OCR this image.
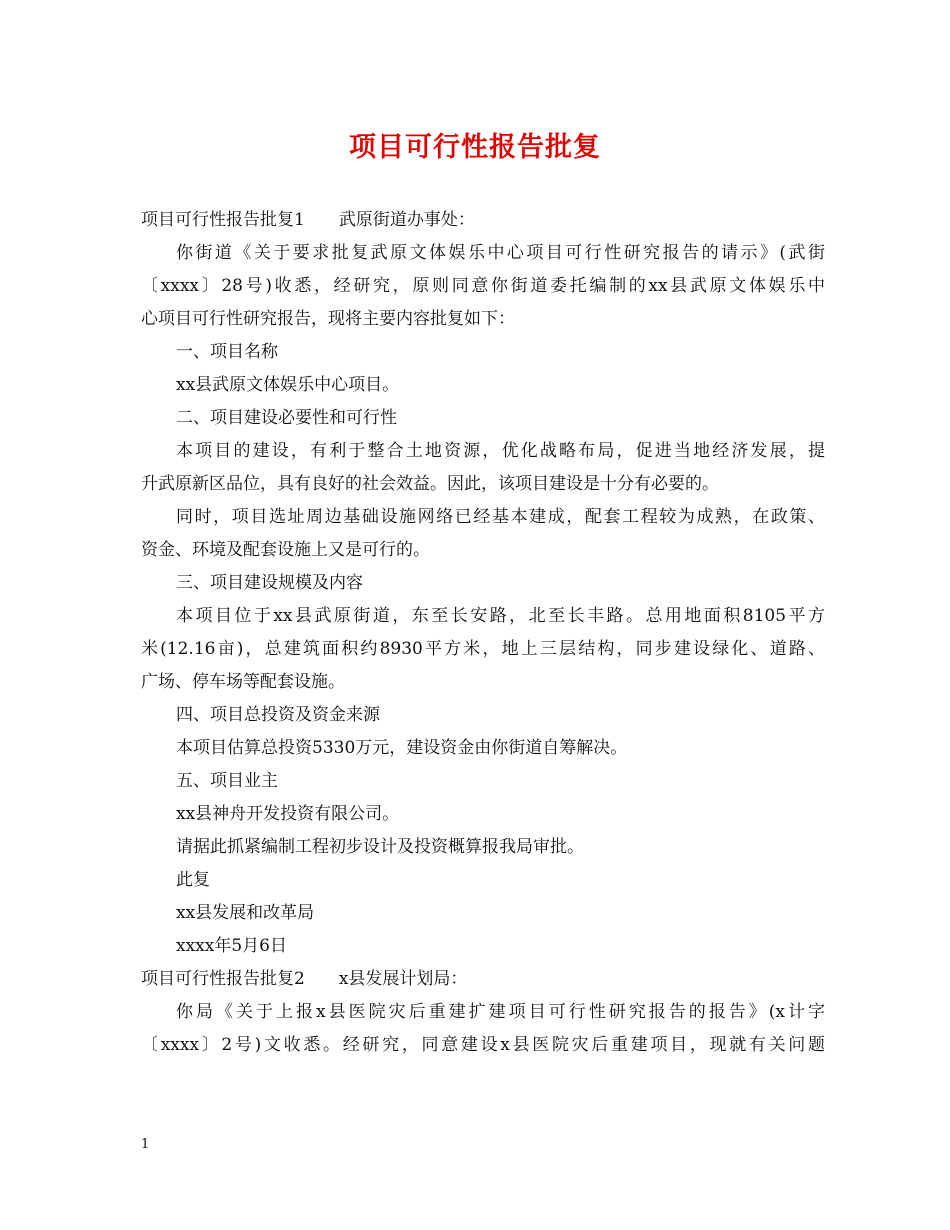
项目可行性报告批复
项目可行性报告批复1 武原街道办事处：
你街道《关于要求批复武原文体娱乐中心项目可行性研究报告的请示》(武街
〔xxxx〕28号)收悉，经研究，原则同意你街道委托编制的xx县武原文体娱乐中
心项目可行性研究报告，现将主要内容批复如下：
一、项目名称
xx县武原文体娱乐中心项目。
二、项目建设必要性和可行性
本项目的建设，有利于整合土地资源，优化战略布局，促进当地经济发展，提
升武原新区品位，具有良好的社会效益。因此，该项目建设是十分有必要的。
同时，项目选址周边基础设施网络已经基本建成，配套工程较为成熟，在政策、
资金、环境及配套设施上又是可行的。
三、项目建设规模及内容
本项目位于xx县武原街道，东至长安路，北至长丰路。总用地面积8105平方
米(12.16亩)，总建筑面积约8930平方米，地上三层结构，同步建设绿化、道路、
广场、停车场等配套设施。
四、项目总投资及资金来源
本项目估算总投资5330万元，建设资金由你街道自筹解决。
五、项目业主
xx县神舟开发投资有限公司。
请据此抓紧编制工程初步设计及投资概算报我局审批。
此复
xx县发展和改革局
xxxx年5月6日
项目可行性报告批复2 x县发展计划局：
你局《关于上报x县医院灾后重建扩建项目可行性研究报告的报告》(x计字
〔xxxx〕2号)文收悉。经研究，同意建设x县医院灾后重建项目，现就有关问题
1
